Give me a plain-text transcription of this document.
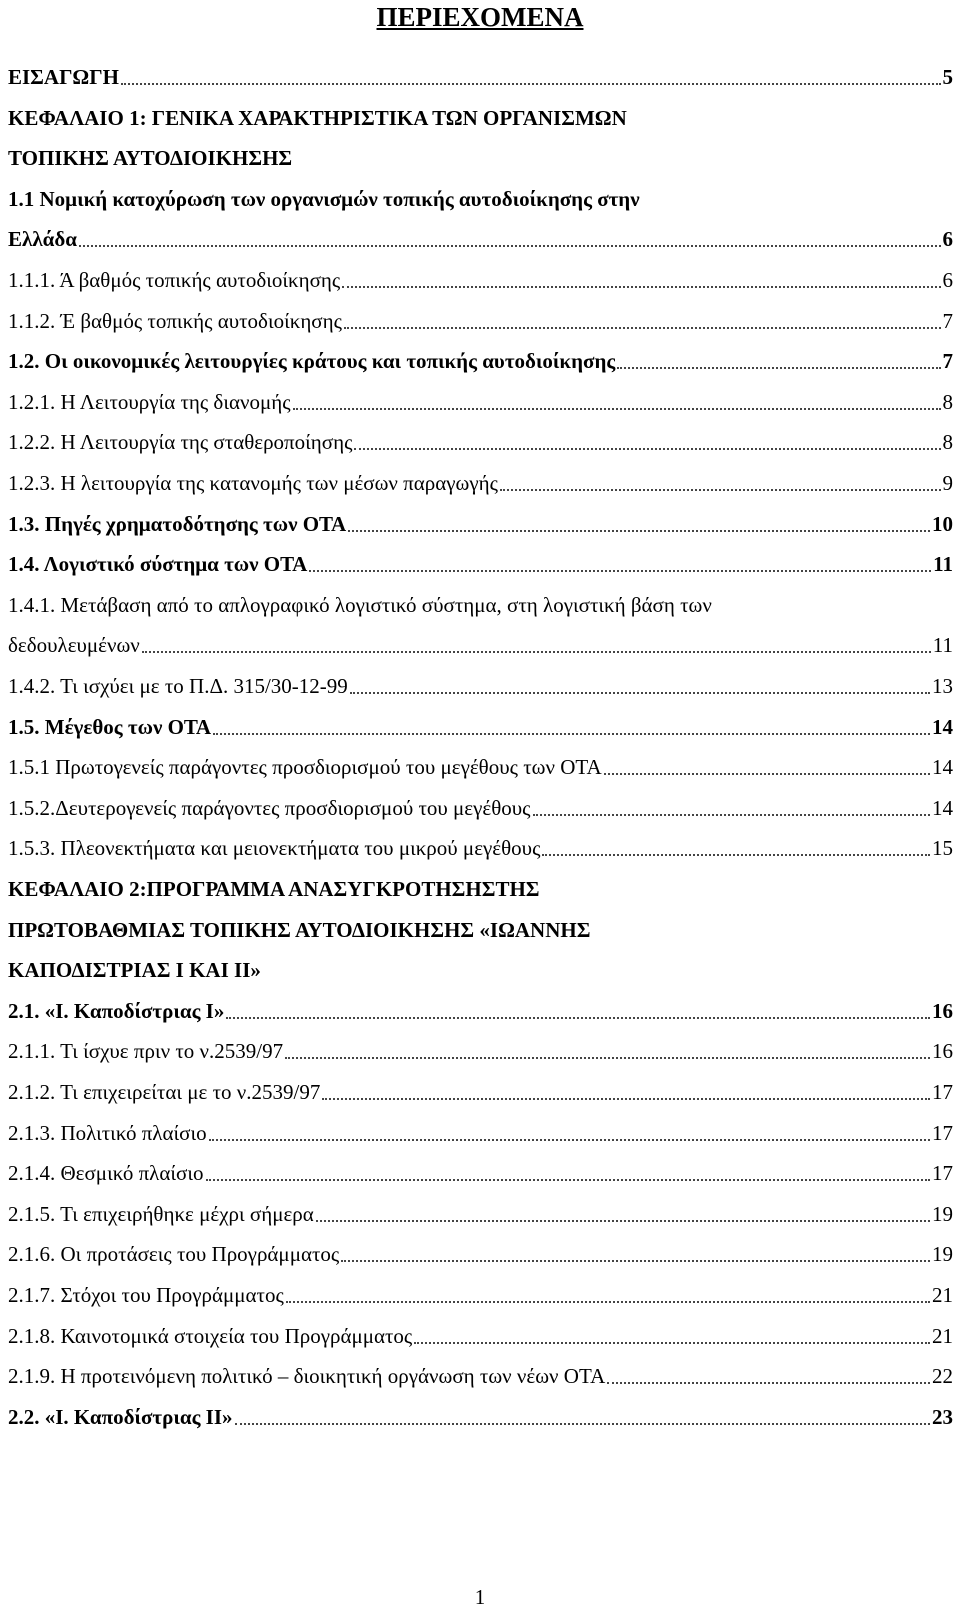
ΠΕΡΙΕΧΟΜΕΝΑ
ΕΙΣΑΓΩΓΗ	5
ΚΕΦΑΛΑΙΟ 1: ΓΕΝΙΚΑ ΧΑΡΑΚΤΗΡΙΣΤΙΚΑ ΤΩΝ ΟΡΓΑΝΙΣΜΩΝ
ΤΟΠΙΚΗΣ ΑΥΤΟΔΙΟΙΚΗΣΗΣ
1.1 Νομική κατοχύρωση των οργανισμών τοπικής αυτοδιοίκησης στην
Ελλάδα	6
1.1.1. Ά βαθμός τοπικής αυτοδιοίκησης	6
1.1.2. Έ βαθμός τοπικής αυτοδιοίκησης	7
1.2. Οι οικονομικές λειτουργίες κράτους και τοπικής αυτοδιοίκησης	7
1.2.1. Η Λειτουργία της διανομής	8
1.2.2. Η Λειτουργία της σταθεροποίησης	8
1.2.3. Η λειτουργία της κατανομής των μέσων παραγωγής	9
1.3. Πηγές χρηματοδότησης των ΟΤΑ	10
1.4. Λογιστικό σύστημα των ΟΤΑ	11
1.4.1. Μετάβαση από το απλογραφικό λογιστικό σύστημα, στη λογιστική βάση των
δεδουλευμένων	11
1.4.2. Τι ισχύει με το Π.Δ. 315/30-12-99	13
1.5. Μέγεθος των ΟΤΑ	14
1.5.1 Πρωτογενείς παράγοντες προσδιορισμού του μεγέθους των ΟΤΑ	14
1.5.2.Δευτερογενείς παράγοντες προσδιορισμού του μεγέθους	14
1.5.3. Πλεονεκτήματα και μειονεκτήματα του μικρού μεγέθους	15
ΚΕΦΑΛΑΙΟ 2:ΠΡΟΓΡΑΜΜΑ ΑΝΑΣΥΓΚΡΟΤΗΣΗΣΤΗΣ
ΠΡΩΤΟΒΑΘΜΙΑΣ ΤΟΠΙΚΗΣ ΑΥΤΟΔΙΟΙΚΗΣΗΣ «ΙΩΑΝΝΗΣ
ΚΑΠΟΔΙΣΤΡΙΑΣ Ι ΚΑΙ ΙΙ»
2.1. «Ι. Καποδίστριας Ι»	16
2.1.1. Τι ίσχυε πριν το ν.2539/97	16
2.1.2. Τι επιχειρείται με το ν.2539/97	17
2.1.3. Πολιτικό πλαίσιο	17
2.1.4. Θεσμικό πλαίσιο	17
2.1.5. Τι επιχειρήθηκε μέχρι σήμερα	19
2.1.6. Οι προτάσεις του Προγράμματος	19
2.1.7. Στόχοι του Προγράμματος	21
2.1.8. Καινοτομικά στοιχεία του Προγράμματος	21
2.1.9. Η προτεινόμενη πολιτικό – διοικητική οργάνωση των νέων ΟΤΑ	22
2.2. «Ι. Καποδίστριας ΙΙ»	23
1
